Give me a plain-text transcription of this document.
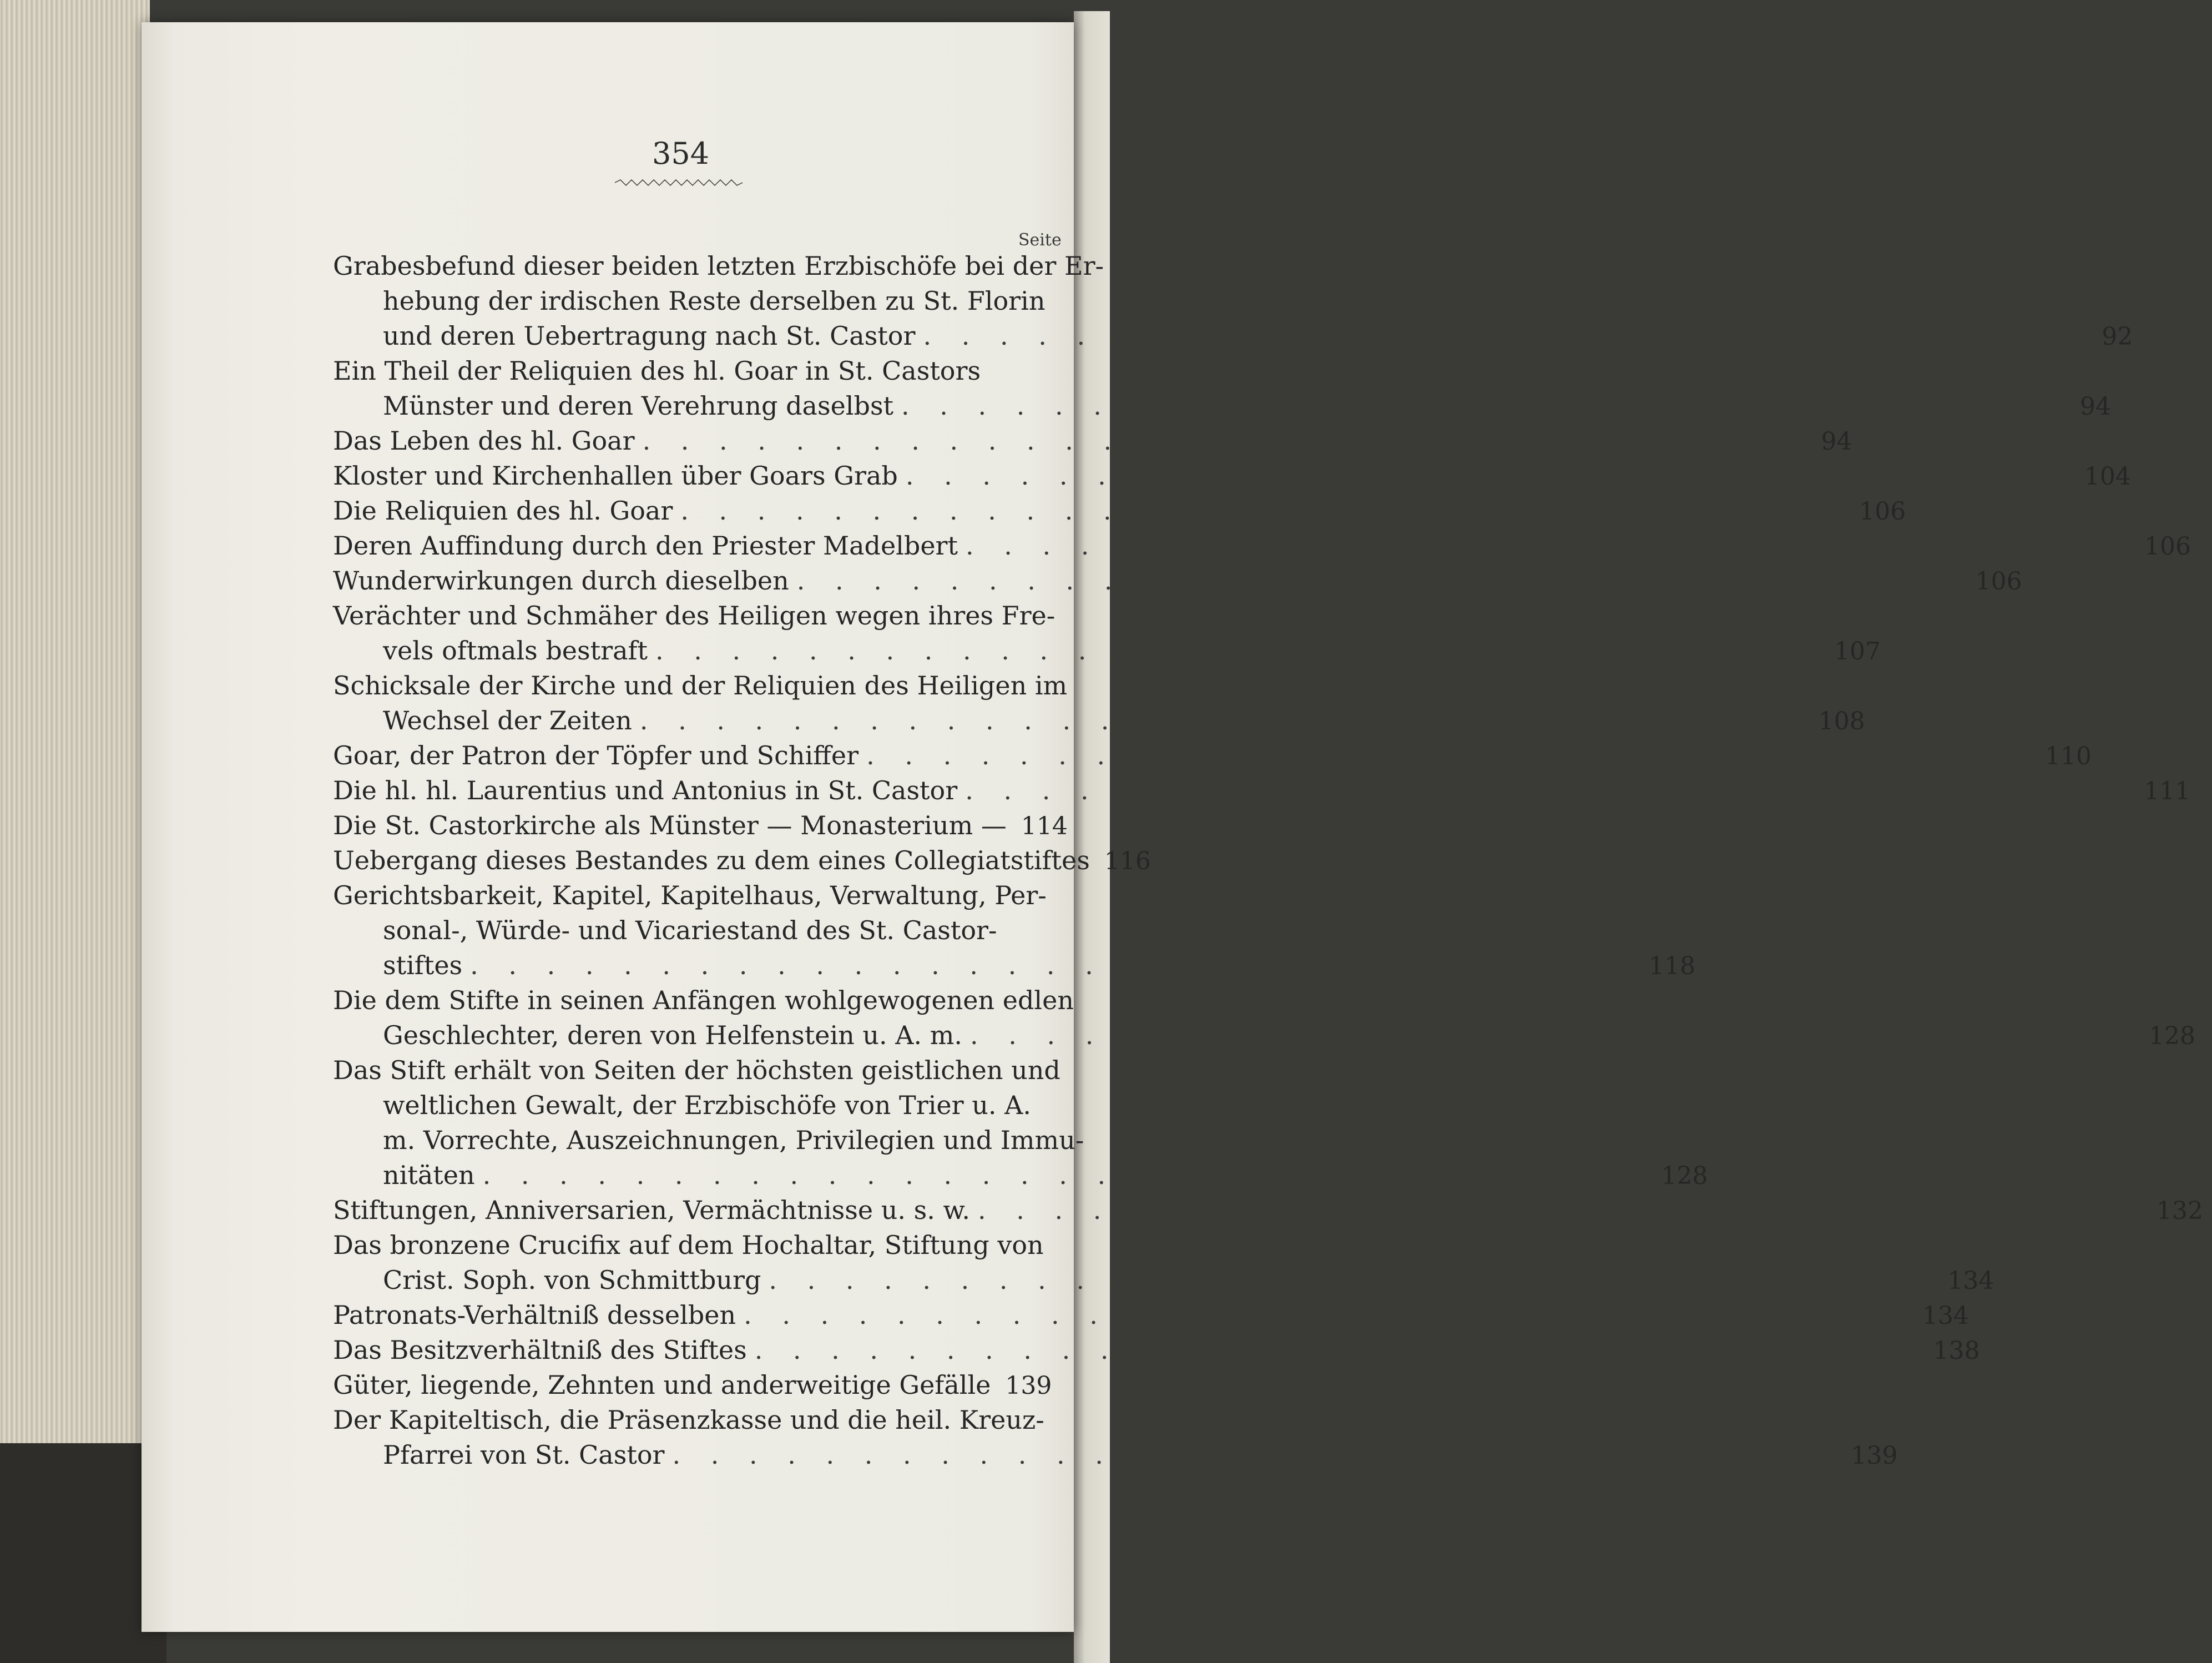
354
Seite
Grabesbefund dieser beiden letzten Erzbischöfe bei der Er-
hebung der irdischen Reste derselben zu St. Florin
und deren Uebertragung nach St. Castor . . . . . . . . . . . . . . . . . . . . . . . . . . . . . . . 92
Ein Theil der Reliquien des hl. Goar in St. Castors
Münster und deren Verehrung daselbst . . . . . . . . . . . . . . . . . . . . . . . . . . . . . . . 94
Das Leben des hl. Goar . . . . . . . . . . . . . . . . . . . . . . . . . . . . . . . 94
Kloster und Kirchenhallen über Goars Grab . . . . . . . . . . . . . . . . . . . . . . . . . . . . . . . 104
Die Reliquien des hl. Goar . . . . . . . . . . . . . . . . . . . . . . . . . . . . . . . 106
Deren Auffindung durch den Priester Madelbert . . . . . . . . . . . . . . . . . . . . . . . . . . . . . . . 106
Wunderwirkungen durch dieselben . . . . . . . . . . . . . . . . . . . . . . . . . . . . . . . 106
Verächter und Schmäher des Heiligen wegen ihres Fre-
vels oftmals bestraft . . . . . . . . . . . . . . . . . . . . . . . . . . . . . . . 107
Schicksale der Kirche und der Reliquien des Heiligen im
Wechsel der Zeiten . . . . . . . . . . . . . . . . . . . . . . . . . . . . . . . 108
Goar, der Patron der Töpfer und Schiffer . . . . . . . . . . . . . . . . . . . . . . . . . . . . . . . 110
Die hl. hl. Laurentius und Antonius in St. Castor . . . . . . . . . . . . . . . . . . . . . . . . . . . . . . . 111
Die St. Castorkirche als Münster — Monasterium — 114
Uebergang dieses Bestandes zu dem eines Collegiatstiftes 116
Gerichtsbarkeit, Kapitel, Kapitelhaus, Verwaltung, Per-
sonal-, Würde- und Vicariestand des St. Castor-
stiftes . . . . . . . . . . . . . . . . . . . . . . . . . . . . . . . 118
Die dem Stifte in seinen Anfängen wohlgewogenen edlen
Geschlechter, deren von Helfenstein u. A. m. . . . . . . . . . . . . . . . . . . . . . . . . . . . . . . . 128
Das Stift erhält von Seiten der höchsten geistlichen und
weltlichen Gewalt, der Erzbischöfe von Trier u. A.
m. Vorrechte, Auszeichnungen, Privilegien und Immu-
nitäten . . . . . . . . . . . . . . . . . . . . . . . . . . . . . . . 128
Stiftungen, Anniversarien, Vermächtnisse u. s. w. . . . . . . . . . . . . . . . . . . . . . . . . . . . . . . . 132
Das bronzene Crucifix auf dem Hochaltar, Stiftung von
Crist. Soph. von Schmittburg . . . . . . . . . . . . . . . . . . . . . . . . . . . . . . . 134
Patronats-Verhältniß desselben . . . . . . . . . . . . . . . . . . . . . . . . . . . . . . . 134
Das Besitzverhältniß des Stiftes . . . . . . . . . . . . . . . . . . . . . . . . . . . . . . . 138
Güter, liegende, Zehnten und anderweitige Gefälle 139
Der Kapiteltisch, die Präsenzkasse und die heil. Kreuz-
Pfarrei von St. Castor . . . . . . . . . . . . . . . . . . . . . . . . . . . . . . . 139
